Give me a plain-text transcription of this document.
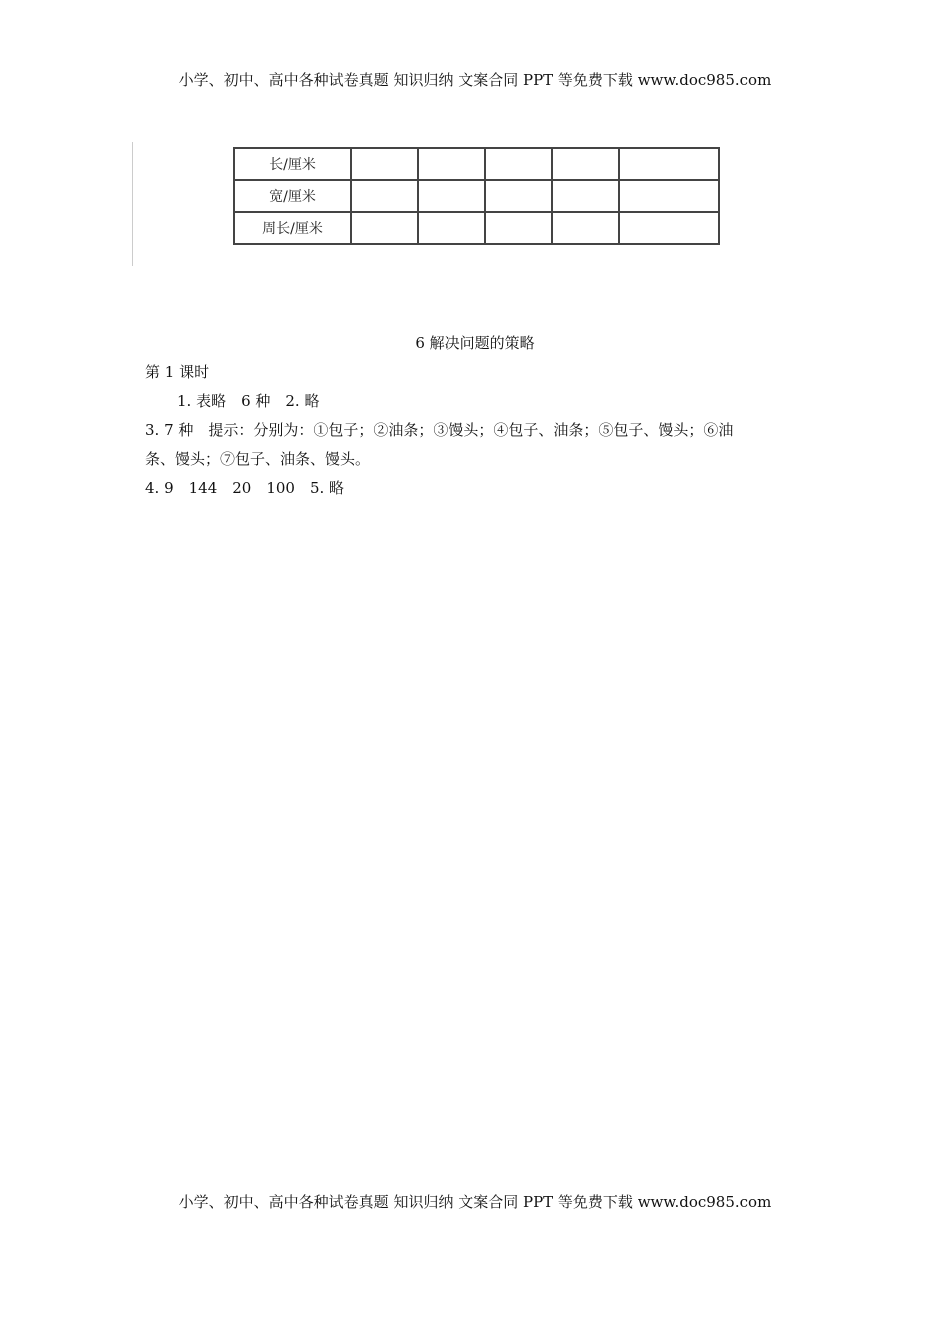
小学、初中、高中各种试卷真题 知识归纳 文案合同 PPT 等免费下载 www.doc985.com
长/厘米					
宽/厘米					
周长/厘米					
6 解决问题的策略
第 1 课时
1. 表略　6 种　2. 略
3. 7 种　提示：分别为：①包子；②油条；③馒头；④包子、油条；⑤包子、馒头；⑥油
条、馒头；⑦包子、油条、馒头。
4. 9　144　20　100　5. 略
小学、初中、高中各种试卷真题 知识归纳 文案合同 PPT 等免费下载 www.doc985.com
